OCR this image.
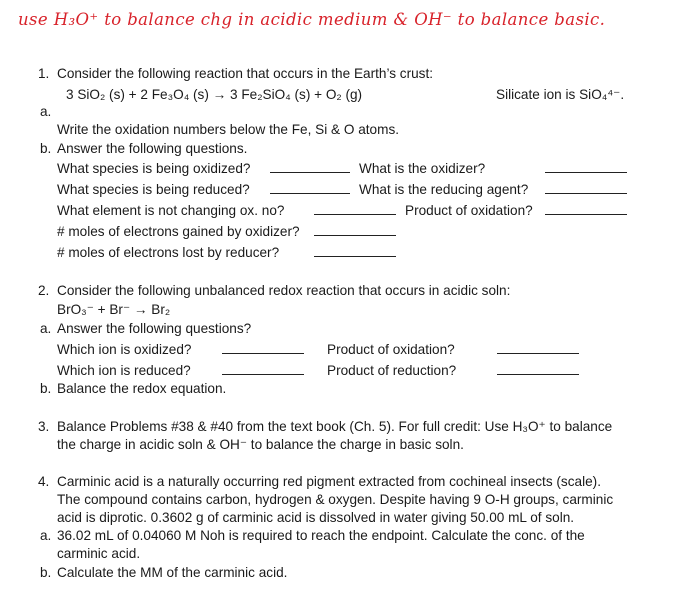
use H₃O⁺ to balance chg in acidic medium & OH⁻ to balance basic.
1. Consider the following reaction that occurs in the Earth’s crust:
3 SiO₂ (s) + 2 Fe₃O₄ (s) → 3 Fe₂SiO₄ (s) + O₂ (g)	Silicate ion is SiO₄⁴⁻.
a.
Write the oxidation numbers below the Fe, Si & O atoms.
b. Answer the following questions.
What species is being oxidized?	What is the oxidizer?
What species is being reduced?	What is the reducing agent?
What element is not changing ox. no?	Product of oxidation?
# moles of electrons gained by oxidizer?
# moles of electrons lost by reducer?
2. Consider the following unbalanced redox reaction that occurs in acidic soln:
BrO₃⁻ + Br⁻ → Br₂
a. Answer the following questions?
Which ion is oxidized?	Product of oxidation?
Which ion is reduced?	Product of reduction?
b. Balance the redox equation.
3. Balance Problems #38 & #40 from the text book (Ch. 5). For full credit: Use H₃O⁺ to balance
the charge in acidic soln & OH⁻ to balance the charge in basic soln.
4. Carminic acid is a naturally occurring red pigment extracted from cochineal insects (scale).
The compound contains carbon, hydrogen & oxygen. Despite having 9 O-H groups, carminic
acid is diprotic. 0.3602 g of carminic acid is dissolved in water giving 50.00 mL of soln.
a. 36.02 mL of 0.04060 M Noh is required to reach the endpoint. Calculate the conc. of the
carminic acid.
b. Calculate the MM of the carminic acid.
